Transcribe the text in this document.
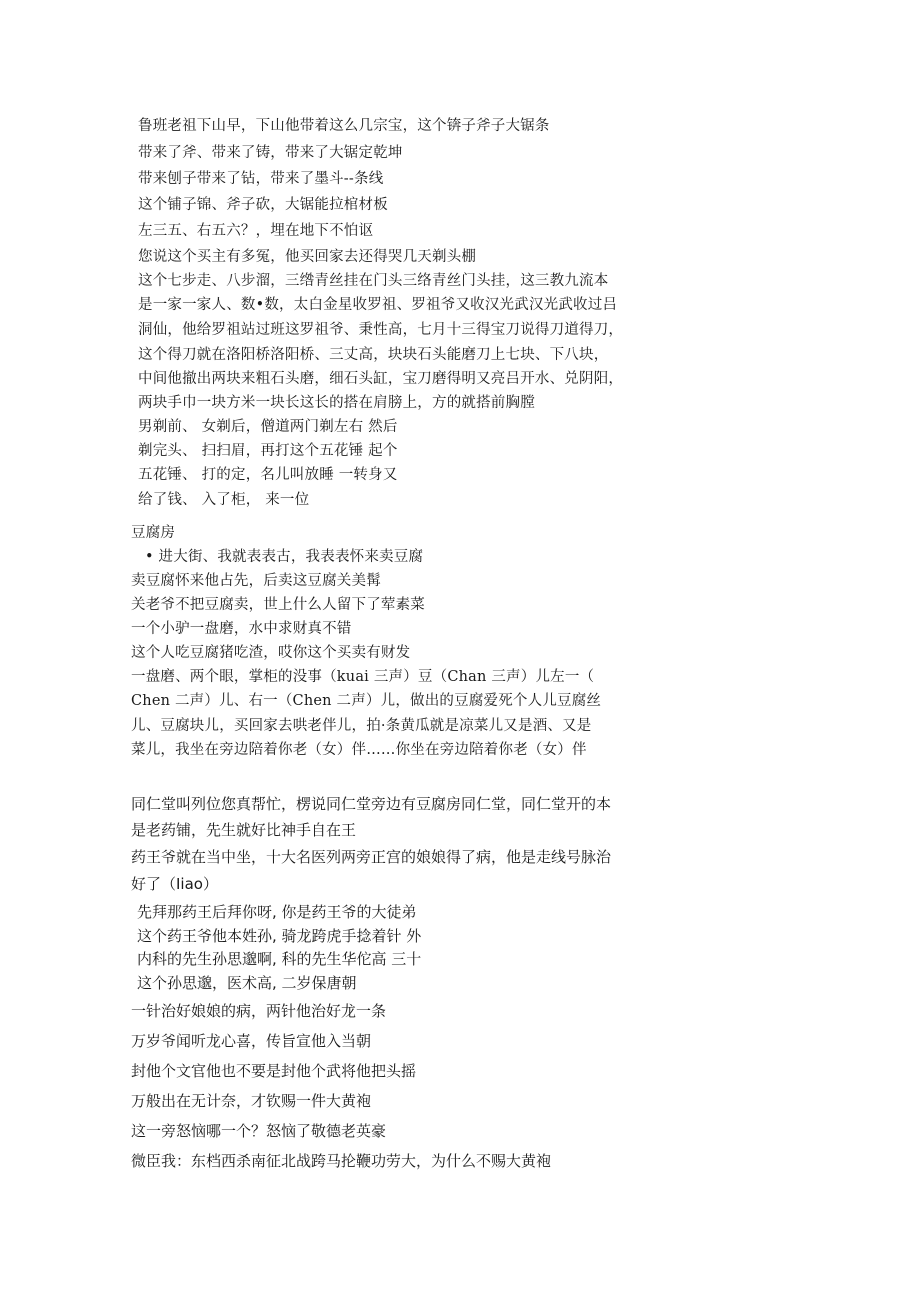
鲁班老祖下山早，下山他带着这么几宗宝，这个锛子斧子大锯条
带来了斧、带来了铸，带来了大锯定乾坤
带来刨子带来了钻，带来了墨斗--条线
这个铺子锦、斧子砍，大锯能拉棺材板
左三五、右五六？，埋在地下不怕讴
您说这个买主有多冤，他买回家去还得哭几天剃头棚
这个七步走、八步溜，三绺青丝挂在门头三络青丝门头挂，这三教九流本
是一家一家人、数•数，太白金星收罗祖、罗祖爷又收汉光武汉光武收过吕
洞仙，他给罗祖站过班这罗祖爷、秉性高，七月十三得宝刀说得刀道得刀，
这个得刀就在洛阳桥洛阳桥、三丈高，块块石头能磨刀上七块、下八块，
中间他撤出两块来粗石头磨，细石头缸，宝刀磨得明又亮吕开水、兑阴阳，
两块手巾一块方米一块长这长的搭在肩膀上，方的就搭前胸膛
男剃前、 女剃后，僧道两门剃左右 然后
剃完头、 扫扫眉，再打这个五花锤 起个
五花锤、 打的定，名儿叫放睡 一转身又
给了钱、 入了柜， 来一位
豆腐房
• 进大街、我就表表古，我表表怀来卖豆腐
卖豆腐怀来他占先，后卖这豆腐关美髯
关老爷不把豆腐卖，世上什么人留下了荤素菜
一个小驴一盘磨，水中求财真不错
这个人吃豆腐猪吃渣，哎你这个买卖有财发
一盘磨、两个眼，掌柜的没事（kuai 三声）豆（Chan 三声）儿左一（
Chen 二声）儿、右一（Chen 二声）儿，做出的豆腐爱死个人儿豆腐丝
儿、豆腐块儿，买回家去哄老伴儿，拍·条黄瓜就是凉菜儿又是酒、又是
菜儿，我坐在旁边陪着你老（女）伴……你坐在旁边陪着你老（女）伴
同仁堂叫列位您真帮忙，楞说同仁堂旁边有豆腐房同仁堂，同仁堂开的本
是老药铺，先生就好比神手自在王
药王爷就在当中坐，十大名医列两旁正宫的娘娘得了病，他是走线号脉治
好了（Iiao）
先拜那药王后拜你呀, 你是药王爷的大徒弟
这个药王爷他本姓孙, 骑龙跨虎手捻着针 外
内科的先生孙思邈啊, 科的先生华佗高 三十
这个孙思邈，医术高, 二岁保唐朝
一针治好娘娘的病，两针他治好龙一条
万岁爷闻听龙心喜，传旨宣他入当朝
封他个文官他也不要是封他个武将他把头摇
万般出在无计奈，才钦赐一件大黄袍
这一旁怒恼哪一个？怒恼了敬德老英豪
微臣我：东档西杀南征北战跨马抡鞭功劳大，为什么不赐大黄袍
